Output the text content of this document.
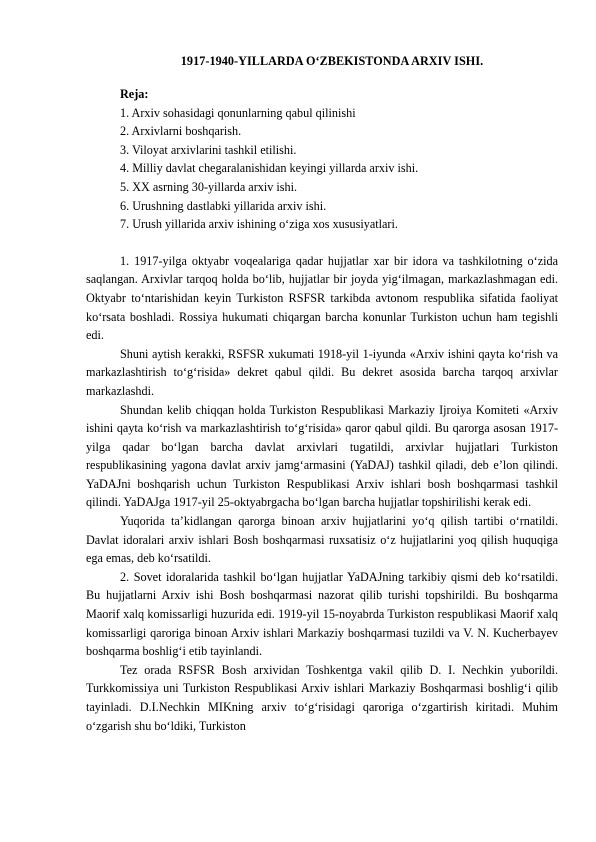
1917-1940-YILLARDA O‘ZBEKISTONDA ARXIV ISHI.
Reja:
1. Arxiv sohasidagi qonunlarning qabul qilinishi
2. Arxivlarni boshqarish.
3. Viloyat arxivlarini tashkil etilishi.
4. Milliy davlat chegaralanishidan keyingi yillarda arxiv ishi.
5. XX asrning 30-yillarda arxiv ishi.
6. Urushning dastlabki yillarida arxiv ishi.
7. Urush yillarida arxiv ishining o‘ziga xos xususiyatlari.

1. 1917-yilga oktyabr voqealariga qadar hujjatlar xar bir idora va tashkilotning o‘zida saqlangan. Arxivlar tarqoq holda bo‘lib, hujjatlar bir joyda yig‘ilmagan, markazlashmagan edi. Oktyabr to‘ntarishidan keyin Turkiston RSFSR tarkibda avtonom respublika sifatida faoliyat ko‘rsata boshladi. Rossiya hukumati chiqargan barcha konunlar Turkiston uchun ham tegishli edi.

Shuni aytish kerakki, RSFSR xukumati 1918-yil 1-iyunda «Arxiv ishini qayta ko‘rish va markazlashtirish to‘g‘risida» dekret qabul qildi. Bu dekret asosida barcha tarqoq arxivlar markazlashdi.

Shundan kelib chiqqan holda Turkiston Respublikasi Markaziy Ijroiya Komiteti «Arxiv ishini qayta ko‘rish va markazlashtirish to‘g‘risida» qaror qabul qildi. Bu qarorga asosan 1917-yilga qadar bo‘lgan barcha davlat arxivlari tugatildi, arxivlar hujjatlari Turkiston respublikasining yagona davlat arxiv jamg‘armasini (YaDAJ) tashkil qiladi, deb e’lon qilindi. YaDAJni boshqarish uchun Turkiston Respublikasi Arxiv ishlari bosh boshqarmasi tashkil qilindi. YaDAJga 1917-yil 25-oktyabrgacha bo‘lgan barcha hujjatlar topshirilishi kerak edi.

Yuqorida ta’kidlangan qarorga binoan arxiv hujjatlarini yo‘q qilish tartibi o‘rnatildi. Davlat idoralari arxiv ishlari Bosh boshqarmasi ruxsatisiz o‘z hujjatlarini yoq qilish huquqiga ega emas, deb ko‘rsatildi.

2. Sovet idoralarida tashkil bo‘lgan hujjatlar YaDAJning tarkibiy qismi deb ko‘rsatildi. Bu hujjatlarni Arxiv ishi Bosh boshqarmasi nazorat qilib turishi topshirildi. Bu boshqarma Maorif xalq komissarligi huzurida edi. 1919-yil 15-noyabrda Turkiston respublikasi Maorif xalq komissarligi qaroriga binoan Arxiv ishlari Markaziy boshqarmasi tuzildi va V. N. Kucherbayev boshqarma boshlig‘i etib tayinlandi.

Tez orada RSFSR Bosh arxividan Toshkentga vakil qilib D. I. Nechkin yuborildi. Turkkomissiya uni Turkiston Respublikasi Arxiv ishlari Markaziy Boshqarmasi boshlig‘i qilib tayinladi. D.I.Nechkin MIKning arxiv to‘g‘risidagi qaroriga o‘zgartirish kiritadi. Muhim o‘zgarish shu bo‘ldiki, Turkiston
